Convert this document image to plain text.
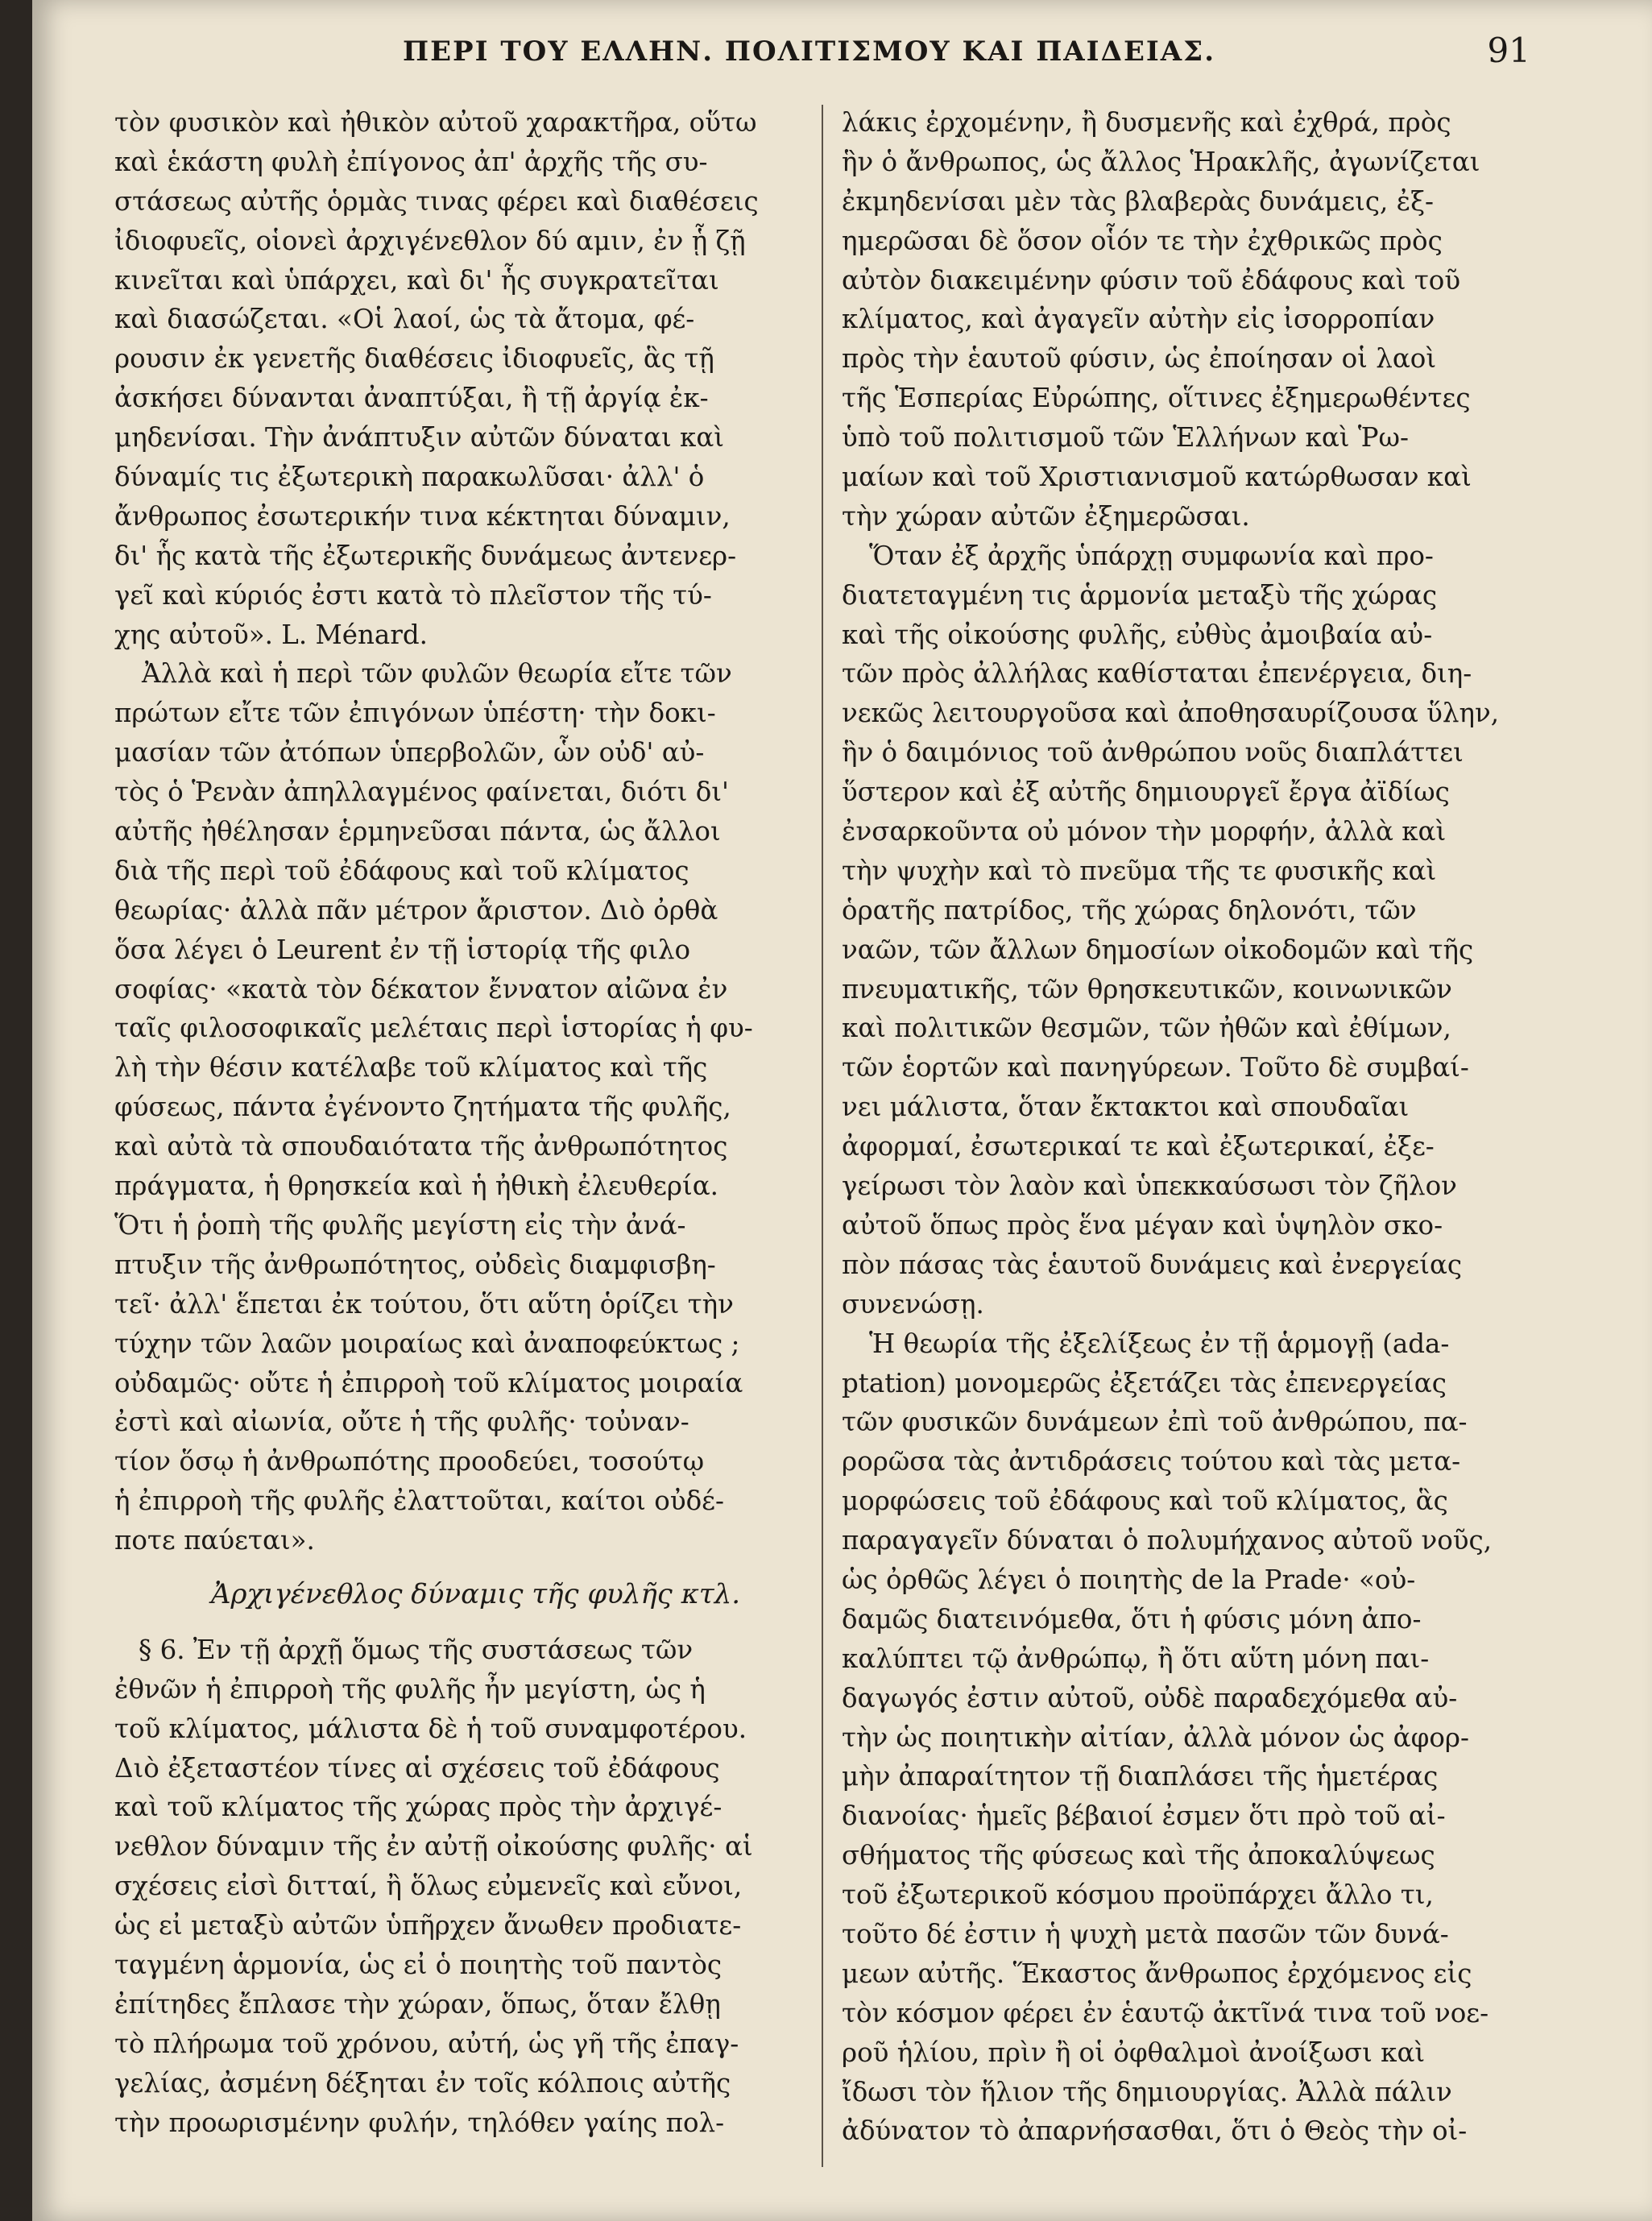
ΠΕΡΙ ΤΟΥ ΕΛΛΗΝ. ΠΟΛΙΤΙΣΜΟΥ ΚΑΙ ΠΑΙΔΕΙΑΣ.	91
τὸν φυσικὸν καὶ ἠθικὸν αὐτοῦ χαρακτῆρα, οὕτω
καὶ ἑκάστη φυλὴ ἐπίγονος ἀπ' ἀρχῆς τῆς συ-
στάσεως αὐτῆς ὁρμὰς τινας φέρει καὶ διαθέσεις
ἰδιοφυεῖς, οἱονεὶ ἀρχιγένεθλον δύ αμιν, ἐν ᾗ ζῇ
κινεῖται καὶ ὑπάρχει, καὶ δι' ἧς συγκρατεῖται
καὶ διασώζεται. «Οἱ λαοί, ὡς τὰ ἄτομα, φέ-
ρουσιν ἐκ γενετῆς διαθέσεις ἰδιοφυεῖς, ἃς τῇ
ἀσκήσει δύνανται ἀναπτύξαι, ἢ τῇ ἀργίᾳ ἐκ-
μηδενίσαι. Τὴν ἀνάπτυξιν αὐτῶν δύναται καὶ
δύναμίς τις ἐξωτερικὴ παρακωλῦσαι· ἀλλ' ὁ
ἄνθρωπος ἐσωτερικήν τινα κέκτηται δύναμιν,
δι' ἧς κατὰ τῆς ἐξωτερικῆς δυνάμεως ἀντενερ-
γεῖ καὶ κύριός ἐστι κατὰ τὸ πλεῖστον τῆς τύ-
χης αὐτοῦ». L. Ménard.
Ἀλλὰ καὶ ἡ περὶ τῶν φυλῶν θεωρία εἴτε τῶν
πρώτων εἴτε τῶν ἐπιγόνων ὑπέστη· τὴν δοκι-
μασίαν τῶν ἀτόπων ὑπερβολῶν, ὧν οὐδ' αὐ-
τὸς ὁ Ῥενὰν ἀπηλλαγμένος φαίνεται, διότι δι'
αὐτῆς ἠθέλησαν ἑρμηνεῦσαι πάντα, ὡς ἄλλοι
διὰ τῆς περὶ τοῦ ἐδάφους καὶ τοῦ κλίματος
θεωρίας· ἀλλὰ πᾶν μέτρον ἄριστον. Διὸ ὀρθὰ
ὅσα λέγει ὁ Leurent ἐν τῇ ἱστορίᾳ τῆς φιλο
σοφίας· «κατὰ τὸν δέκατον ἔννατον αἰῶνα ἐν
ταῖς φιλοσοφικαῖς μελέταις περὶ ἱστορίας ἡ φυ-
λὴ τὴν θέσιν κατέλαβε τοῦ κλίματος καὶ τῆς
φύσεως, πάντα ἐγένοντο ζητήματα τῆς φυλῆς,
καὶ αὐτὰ τὰ σπουδαιότατα τῆς ἀνθρωπότητος
πράγματα, ἡ θρησκεία καὶ ἡ ἠθικὴ ἐλευθερία.
Ὅτι ἡ ῥοπὴ τῆς φυλῆς μεγίστη εἰς τὴν ἀνά-
πτυξιν τῆς ἀνθρωπότητος, οὐδεὶς διαμφισβη-
τεῖ· ἀλλ' ἕπεται ἐκ τούτου, ὅτι αὕτη ὁρίζει τὴν
τύχην τῶν λαῶν μοιραίως καὶ ἀναποφεύκτως ;
οὐδαμῶς· οὔτε ἡ ἐπιρροὴ τοῦ κλίματος μοιραία
ἐστὶ καὶ αἰωνία, οὔτε ἡ τῆς φυλῆς· τοὐναν-
τίον ὅσῳ ἡ ἀνθρωπότης προοδεύει, τοσούτῳ
ἡ ἐπιρροὴ τῆς φυλῆς ἐλαττοῦται, καίτοι οὐδέ-
ποτε παύεται».
Ἀρχιγένεθλος δύναμις τῆς φυλῆς κτλ.
§ 6. Ἐν τῇ ἀρχῇ ὅμως τῆς συστάσεως τῶν
ἐθνῶν ἡ ἐπιρροὴ τῆς φυλῆς ἦν μεγίστη, ὡς ἡ
τοῦ κλίματος, μάλιστα δὲ ἡ τοῦ συναμφοτέρου.
Διὸ ἐξεταστέον τίνες αἱ σχέσεις τοῦ ἐδάφους
καὶ τοῦ κλίματος τῆς χώρας πρὸς τὴν ἀρχιγέ-
νεθλον δύναμιν τῆς ἐν αὐτῇ οἰκούσης φυλῆς· αἱ
σχέσεις εἰσὶ διτταί, ἢ ὅλως εὐμενεῖς καὶ εὔνοι,
ὡς εἰ μεταξὺ αὐτῶν ὑπῆρχεν ἄνωθεν προδιατε-
ταγμένη ἁρμονία, ὡς εἰ ὁ ποιητὴς τοῦ παντὸς
ἐπίτηδες ἔπλασε τὴν χώραν, ὅπως, ὅταν ἔλθῃ
τὸ πλήρωμα τοῦ χρόνου, αὐτή, ὡς γῆ τῆς ἐπαγ-
γελίας, ἀσμένη δέξηται ἐν τοῖς κόλποις αὐτῆς
τὴν προωρισμένην φυλήν, τηλόθεν γαίης πολ-
λάκις ἐρχομένην, ἢ δυσμενῆς καὶ ἐχθρά, πρὸς
ἣν ὁ ἄνθρωπος, ὡς ἄλλος Ἡρακλῆς, ἀγωνίζεται
ἐκμηδενίσαι μὲν τὰς βλαβερὰς δυνάμεις, ἐξ-
ημερῶσαι δὲ ὅσον οἷόν τε τὴν ἐχθρικῶς πρὸς
αὐτὸν διακειμένην φύσιν τοῦ ἐδάφους καὶ τοῦ
κλίματος, καὶ ἀγαγεῖν αὐτὴν εἰς ἰσορροπίαν
πρὸς τὴν ἑαυτοῦ φύσιν, ὡς ἐποίησαν οἱ λαοὶ
τῆς Ἑσπερίας Εὐρώπης, οἵτινες ἐξημερωθέντες
ὑπὸ τοῦ πολιτισμοῦ τῶν Ἑλλήνων καὶ Ῥω-
μαίων καὶ τοῦ Χριστιανισμοῦ κατώρθωσαν καὶ
τὴν χώραν αὐτῶν ἐξημερῶσαι.
Ὅταν ἐξ ἀρχῆς ὑπάρχῃ συμφωνία καὶ προ-
διατεταγμένη τις ἁρμονία μεταξὺ τῆς χώρας
καὶ τῆς οἰκούσης φυλῆς, εὐθὺς ἀμοιβαία αὐ-
τῶν πρὸς ἀλλήλας καθίσταται ἐπενέργεια, διη-
νεκῶς λειτουργοῦσα καὶ ἀποθησαυρίζουσα ὕλην,
ἣν ὁ δαιμόνιος τοῦ ἀνθρώπου νοῦς διαπλάττει
ὕστερον καὶ ἐξ αὐτῆς δημιουργεῖ ἔργα ἀϊδίως
ἐνσαρκοῦντα οὐ μόνον τὴν μορφήν, ἀλλὰ καὶ
τὴν ψυχὴν καὶ τὸ πνεῦμα τῆς τε φυσικῆς καὶ
ὁρατῆς πατρίδος, τῆς χώρας δηλονότι, τῶν
ναῶν, τῶν ἄλλων δημοσίων οἰκοδομῶν καὶ τῆς
πνευματικῆς, τῶν θρησκευτικῶν, κοινωνικῶν
καὶ πολιτικῶν θεσμῶν, τῶν ἠθῶν καὶ ἐθίμων,
τῶν ἑορτῶν καὶ πανηγύρεων. Τοῦτο δὲ συμβαί-
νει μάλιστα, ὅταν ἔκτακτοι καὶ σπουδαῖαι
ἀφορμαί, ἐσωτερικαί τε καὶ ἐξωτερικαί, ἐξε-
γείρωσι τὸν λαὸν καὶ ὑπεκκαύσωσι τὸν ζῆλον
αὐτοῦ ὅπως πρὸς ἕνα μέγαν καὶ ὑψηλὸν σκο-
πὸν πάσας τὰς ἑαυτοῦ δυνάμεις καὶ ἐνεργείας
συνενώσῃ.
Ἡ θεωρία τῆς ἐξελίξεως ἐν τῇ ἁρμογῇ (ada-
ptation) μονομερῶς ἐξετάζει τὰς ἐπενεργείας
τῶν φυσικῶν δυνάμεων ἐπὶ τοῦ ἀνθρώπου, πα-
ρορῶσα τὰς ἀντιδράσεις τούτου καὶ τὰς μετα-
μορφώσεις τοῦ ἐδάφους καὶ τοῦ κλίματος, ἃς
παραγαγεῖν δύναται ὁ πολυμήχανος αὐτοῦ νοῦς,
ὡς ὀρθῶς λέγει ὁ ποιητὴς de la Prade· «οὐ-
δαμῶς διατεινόμεθα, ὅτι ἡ φύσις μόνη ἀπο-
καλύπτει τῷ ἀνθρώπῳ, ἢ ὅτι αὕτη μόνη παι-
δαγωγός ἐστιν αὐτοῦ, οὐδὲ παραδεχόμεθα αὐ-
τὴν ὡς ποιητικὴν αἰτίαν, ἀλλὰ μόνον ὡς ἀφορ-
μὴν ἀπαραίτητον τῇ διαπλάσει τῆς ἡμετέρας
διανοίας· ἡμεῖς βέβαιοί ἐσμεν ὅτι πρὸ τοῦ αἰ-
σθήματος τῆς φύσεως καὶ τῆς ἀποκαλύψεως
τοῦ ἐξωτερικοῦ κόσμου προϋπάρχει ἄλλο τι,
τοῦτο δέ ἐστιν ἡ ψυχὴ μετὰ πασῶν τῶν δυνά-
μεων αὐτῆς. Ἕκαστος ἄνθρωπος ἐρχόμενος εἰς
τὸν κόσμον φέρει ἐν ἑαυτῷ ἀκτῖνά τινα τοῦ νοε-
ροῦ ἡλίου, πρὶν ἢ οἱ ὀφθαλμοὶ ἀνοίξωσι καὶ
ἴδωσι τὸν ἥλιον τῆς δημιουργίας. Ἀλλὰ πάλιν
ἀδύνατον τὸ ἀπαρνήσασθαι, ὅτι ὁ Θεὸς τὴν οἰ-
